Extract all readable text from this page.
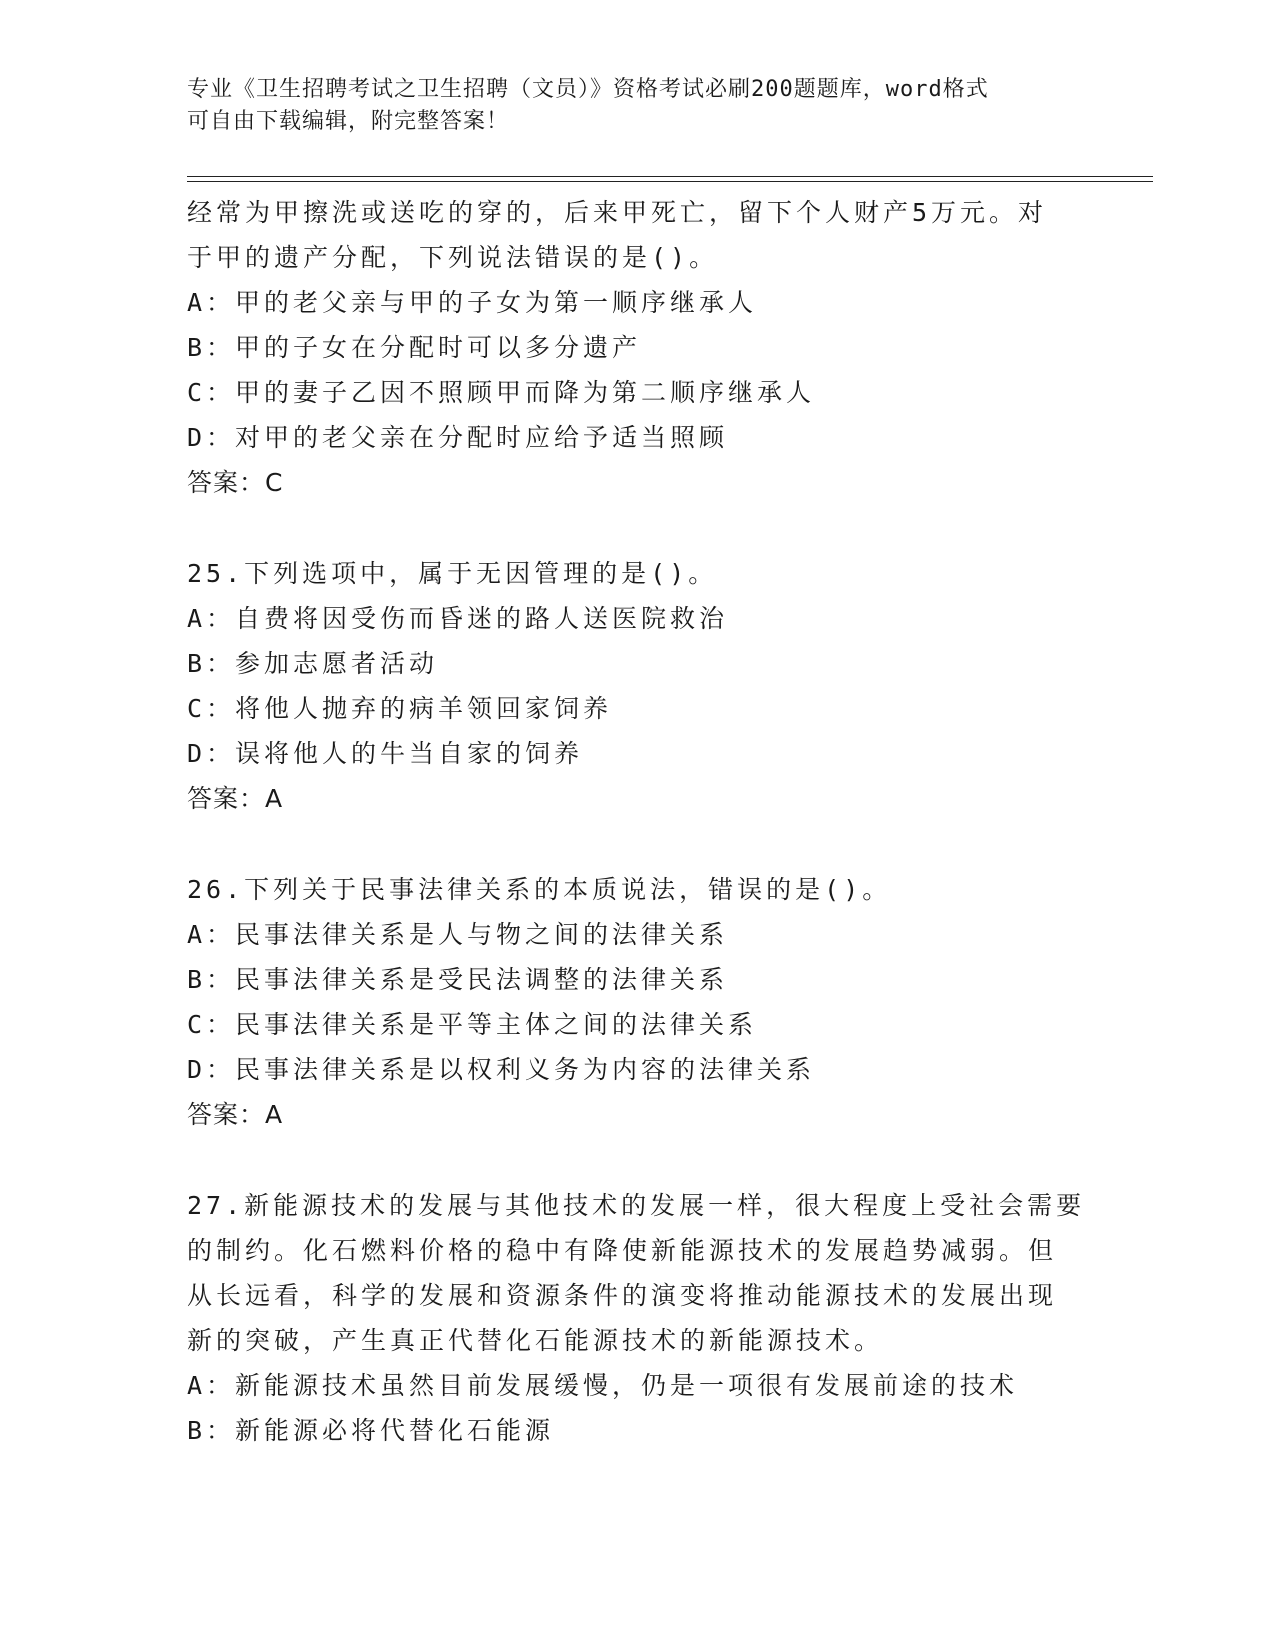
专业《卫生招聘考试之卫生招聘（文员）》资格考试必刷200题题库，word格式
可自由下载编辑，附完整答案！
经常为甲擦洗或送吃的穿的，后来甲死亡，留下个人财产5万元。对
于甲的遗产分配，下列说法错误的是()。
A：甲的老父亲与甲的子女为第一顺序继承人
B：甲的子女在分配时可以多分遗产
C：甲的妻子乙因不照顾甲而降为第二顺序继承人
D：对甲的老父亲在分配时应给予适当照顾
答案：C
25.下列选项中，属于无因管理的是()。
A：自费将因受伤而昏迷的路人送医院救治
B：参加志愿者活动
C：将他人抛弃的病羊领回家饲养
D：误将他人的牛当自家的饲养
答案：A
26.下列关于民事法律关系的本质说法，错误的是()。
A：民事法律关系是人与物之间的法律关系
B：民事法律关系是受民法调整的法律关系
C：民事法律关系是平等主体之间的法律关系
D：民事法律关系是以权利义务为内容的法律关系
答案：A
27.新能源技术的发展与其他技术的发展一样，很大程度上受社会需要
的制约。化石燃料价格的稳中有降使新能源技术的发展趋势减弱。但
从长远看，科学的发展和资源条件的演变将推动能源技术的发展出现
新的突破，产生真正代替化石能源技术的新能源技术。
A：新能源技术虽然目前发展缓慢，仍是一项很有发展前途的技术
B：新能源必将代替化石能源
